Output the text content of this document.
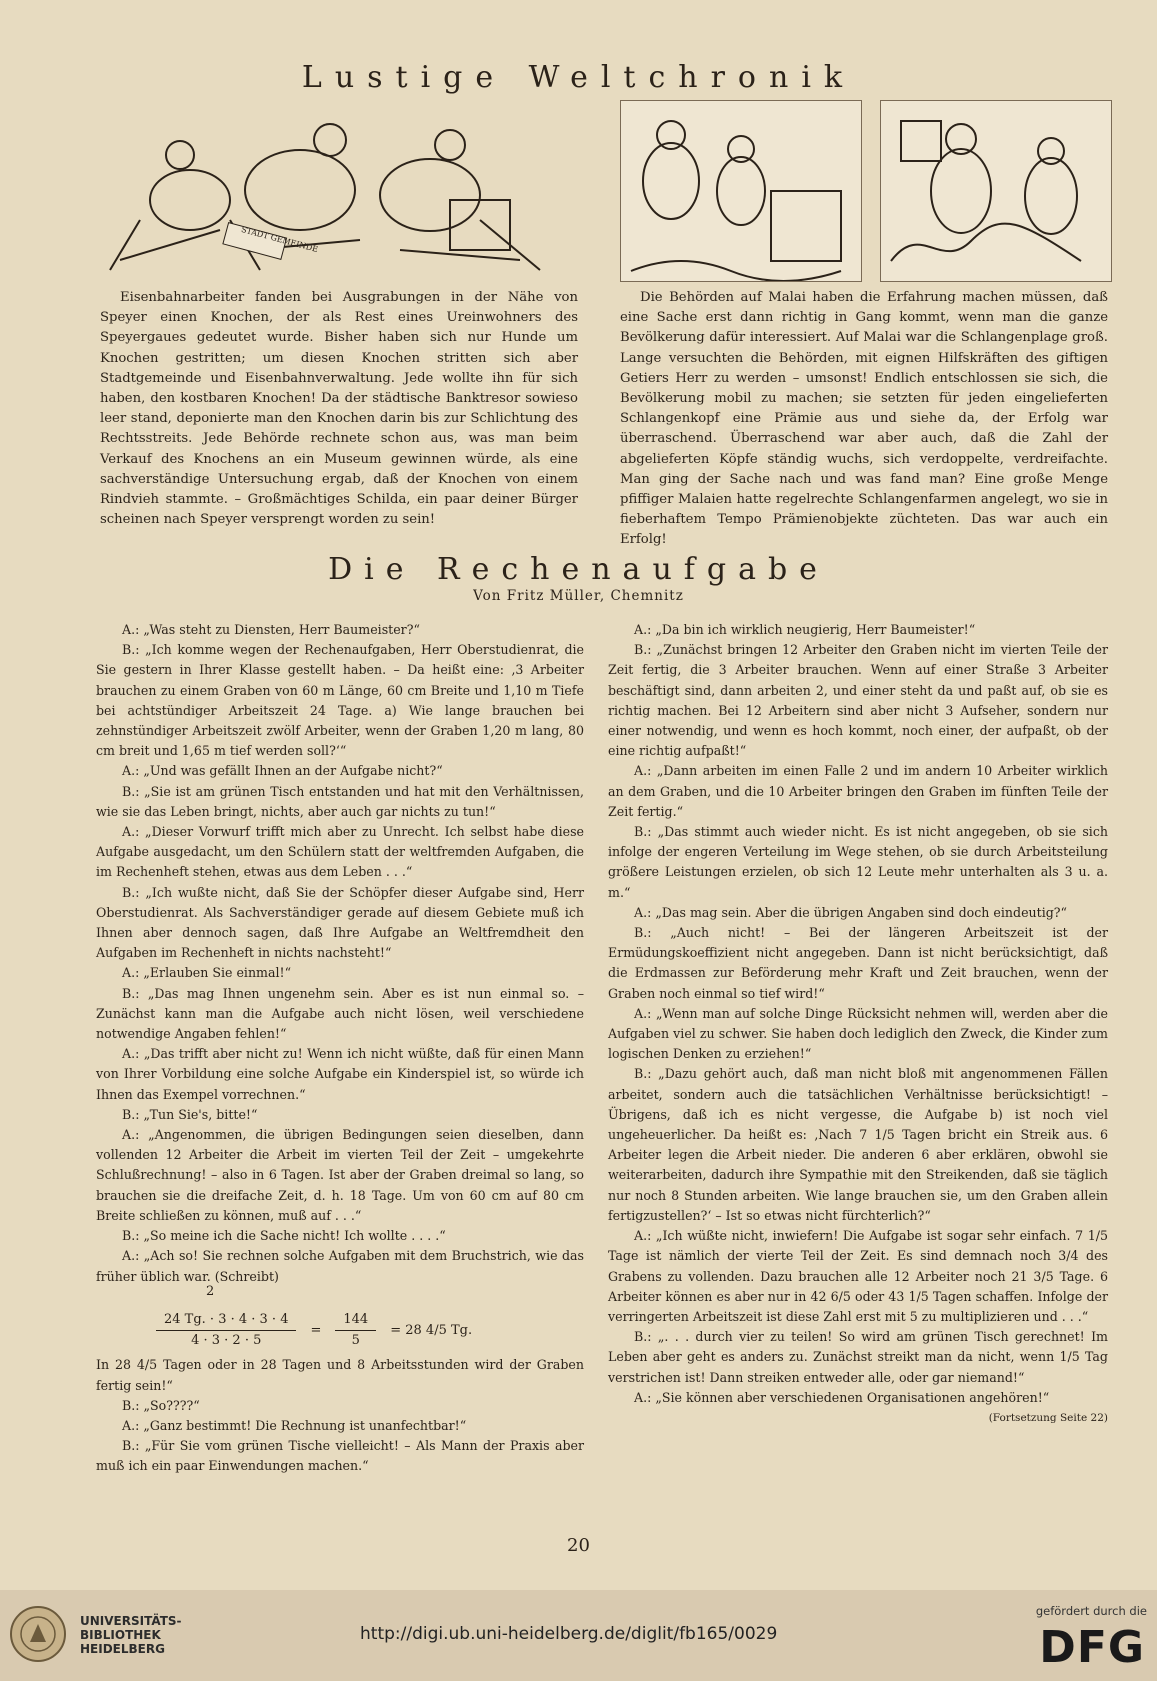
Lustige Weltchronik
STADT GEMEINDE

Eisenbahnarbeiter fanden bei Ausgrabungen in der Nähe von Speyer einen Knochen, der als Rest eines Ureinwohners des Speyergaues gedeutet wurde. Bisher haben sich nur Hunde um Knochen gestritten; um diesen Knochen stritten sich aber Stadtgemeinde und Eisenbahnverwaltung. Jede wollte ihn für sich haben, den kostbaren Knochen! Da der städtische Banktresor sowieso leer stand, deponierte man den Knochen darin bis zur Schlichtung des Rechtsstreits. Jede Behörde rechnete schon aus, was man beim Verkauf des Knochens an ein Museum gewinnen würde, als eine sachverständige Untersuchung ergab, daß der Knochen von einem Rindvieh stammte. – Großmächtiges Schilda, ein paar deiner Bürger scheinen nach Speyer versprengt worden zu sein!

Die Behörden auf Malai haben die Erfahrung machen müssen, daß eine Sache erst dann richtig in Gang kommt, wenn man die ganze Bevölkerung dafür interessiert. Auf Malai war die Schlangenplage groß. Lange versuchten die Behörden, mit eignen Hilfskräften des giftigen Getiers Herr zu werden – umsonst! Endlich entschlossen sie sich, die Bevölkerung mobil zu machen; sie setzten für jeden eingelieferten Schlangenkopf eine Prämie aus und siehe da, der Erfolg war überraschend. Überraschend war aber auch, daß die Zahl der abgelieferten Köpfe ständig wuchs, sich verdoppelte, verdreifachte. Man ging der Sache nach und was fand man? Eine große Menge pfiffiger Malaien hatte regelrechte Schlangenfarmen angelegt, wo sie in fieberhaftem Tempo Prämienobjekte züchteten. Das war auch ein Erfolg!

Die Rechenaufgabe
Von Fritz Müller, Chemnitz

A.: „Was steht zu Diensten, Herr Baumeister?“

B.: „Ich komme wegen der Rechenaufgaben, Herr Oberstudienrat, die Sie gestern in Ihrer Klasse gestellt haben. – Da heißt eine: ‚3 Arbeiter brauchen zu einem Graben von 60 m Länge, 60 cm Breite und 1,10 m Tiefe bei achtstündiger Arbeitszeit 24 Tage. a) Wie lange brauchen bei zehnstündiger Arbeitszeit zwölf Arbeiter, wenn der Graben 1,20 m lang, 80 cm breit und 1,65 m tief werden soll?‘“

A.: „Und was gefällt Ihnen an der Aufgabe nicht?“

B.: „Sie ist am grünen Tisch entstanden und hat mit den Verhältnissen, wie sie das Leben bringt, nichts, aber auch gar nichts zu tun!“

A.: „Dieser Vorwurf trifft mich aber zu Unrecht. Ich selbst habe diese Aufgabe ausgedacht, um den Schülern statt der weltfremden Aufgaben, die im Rechenheft stehen, etwas aus dem Leben . . .“

B.: „Ich wußte nicht, daß Sie der Schöpfer dieser Aufgabe sind, Herr Oberstudienrat. Als Sachverständiger gerade auf diesem Gebiete muß ich Ihnen aber dennoch sagen, daß Ihre Aufgabe an Weltfremdheit den Aufgaben im Rechenheft in nichts nachsteht!“

A.: „Erlauben Sie einmal!“

B.: „Das mag Ihnen ungenehm sein. Aber es ist nun einmal so. – Zunächst kann man die Aufgabe auch nicht lösen, weil verschiedene notwendige Angaben fehlen!“

A.: „Das trifft aber nicht zu! Wenn ich nicht wüßte, daß für einen Mann von Ihrer Vorbildung eine solche Aufgabe ein Kinderspiel ist, so würde ich Ihnen das Exempel vorrechnen.“

B.: „Tun Sie's, bitte!“

A.: „Angenommen, die übrigen Bedingungen seien dieselben, dann vollenden 12 Arbeiter die Arbeit im vierten Teil der Zeit – umgekehrte Schlußrechnung! – also in 6 Tagen. Ist aber der Graben dreimal so lang, so brauchen sie die dreifache Zeit, d. h. 18 Tage. Um von 60 cm auf 80 cm Breite schließen zu können, muß auf . . .“

B.: „So meine ich die Sache nicht! Ich wollte . . . .“

A.: „Ach so! Sie rechnen solche Aufgaben mit dem Bruchstrich, wie das früher üblich war. (Schreibt)

2
$\frac{24 Tg. \cdot 3 \cdot 4 \cdot 3 \cdot 4}{4 \cdot 3 \cdot 2 \cdot 5} = \frac{144}{5} = 28$ 4/5 Tg.

In 28 4/5 Tagen oder in 28 Tagen und 8 Arbeitsstunden wird der Graben fertig sein!“

B.: „So????“

A.: „Ganz bestimmt! Die Rechnung ist unanfechtbar!“

B.: „Für Sie vom grünen Tische vielleicht! – Als Mann der Praxis aber muß ich ein paar Einwendungen machen.“

A.: „Da bin ich wirklich neugierig, Herr Baumeister!“

B.: „Zunächst bringen 12 Arbeiter den Graben nicht im vierten Teile der Zeit fertig, die 3 Arbeiter brauchen. Wenn auf einer Straße 3 Arbeiter beschäftigt sind, dann arbeiten 2, und einer steht da und paßt auf, ob sie es richtig machen. Bei 12 Arbeitern sind aber nicht 3 Aufseher, sondern nur einer notwendig, und wenn es hoch kommt, noch einer, der aufpaßt, ob der eine richtig aufpaßt!“

A.: „Dann arbeiten im einen Falle 2 und im andern 10 Arbeiter wirklich an dem Graben, und die 10 Arbeiter bringen den Graben im fünften Teile der Zeit fertig.“

B.: „Das stimmt auch wieder nicht. Es ist nicht angegeben, ob sie sich infolge der engeren Verteilung im Wege stehen, ob sie durch Arbeitsteilung größere Leistungen erzielen, ob sich 12 Leute mehr unterhalten als 3 u. a. m.“

A.: „Das mag sein. Aber die übrigen Angaben sind doch eindeutig?“

B.: „Auch nicht! – Bei der längeren Arbeitszeit ist der Ermüdungskoeffizient nicht angegeben. Dann ist nicht berücksichtigt, daß die Erdmassen zur Beförderung mehr Kraft und Zeit brauchen, wenn der Graben noch einmal so tief wird!“

A.: „Wenn man auf solche Dinge Rücksicht nehmen will, werden aber die Aufgaben viel zu schwer. Sie haben doch lediglich den Zweck, die Kinder zum logischen Denken zu erziehen!“

B.: „Dazu gehört auch, daß man nicht bloß mit angenommenen Fällen arbeitet, sondern auch die tatsächlichen Verhältnisse berücksichtigt! – Übrigens, daß ich es nicht vergesse, die Aufgabe b) ist noch viel ungeheuerlicher. Da heißt es: ‚Nach 7 1/5 Tagen bricht ein Streik aus. 6 Arbeiter legen die Arbeit nieder. Die anderen 6 aber erklären, obwohl sie weiterarbeiten, dadurch ihre Sympathie mit den Streikenden, daß sie täglich nur noch 8 Stunden arbeiten. Wie lange brauchen sie, um den Graben allein fertigzustellen?‘ – Ist so etwas nicht fürchterlich?“

A.: „Ich wüßte nicht, inwiefern! Die Aufgabe ist sogar sehr einfach. 7 1/5 Tage ist nämlich der vierte Teil der Zeit. Es sind demnach noch 3/4 des Grabens zu vollenden. Dazu brauchen alle 12 Arbeiter noch 21 3/5 Tage. 6 Arbeiter können es aber nur in 42 6/5 oder 43 1/5 Tagen schaffen. Infolge der verringerten Arbeitszeit ist diese Zahl erst mit 5 zu multiplizieren und . . .“

B.: „. . . durch vier zu teilen! So wird am grünen Tisch gerechnet! Im Leben aber geht es anders zu. Zunächst streikt man da nicht, wenn 1/5 Tag verstrichen ist! Dann streiken entweder alle, oder gar niemand!“

A.: „Sie können aber verschiedenen Organisationen angehören!“

(Fortsetzung Seite 22)
20
UNIVERSITÄTS-
BIBLIOTHEK
HEIDELBERG
http://digi.ub.uni-heidelberg.de/diglit/fb165/0029
gefördert durch die
DFG
